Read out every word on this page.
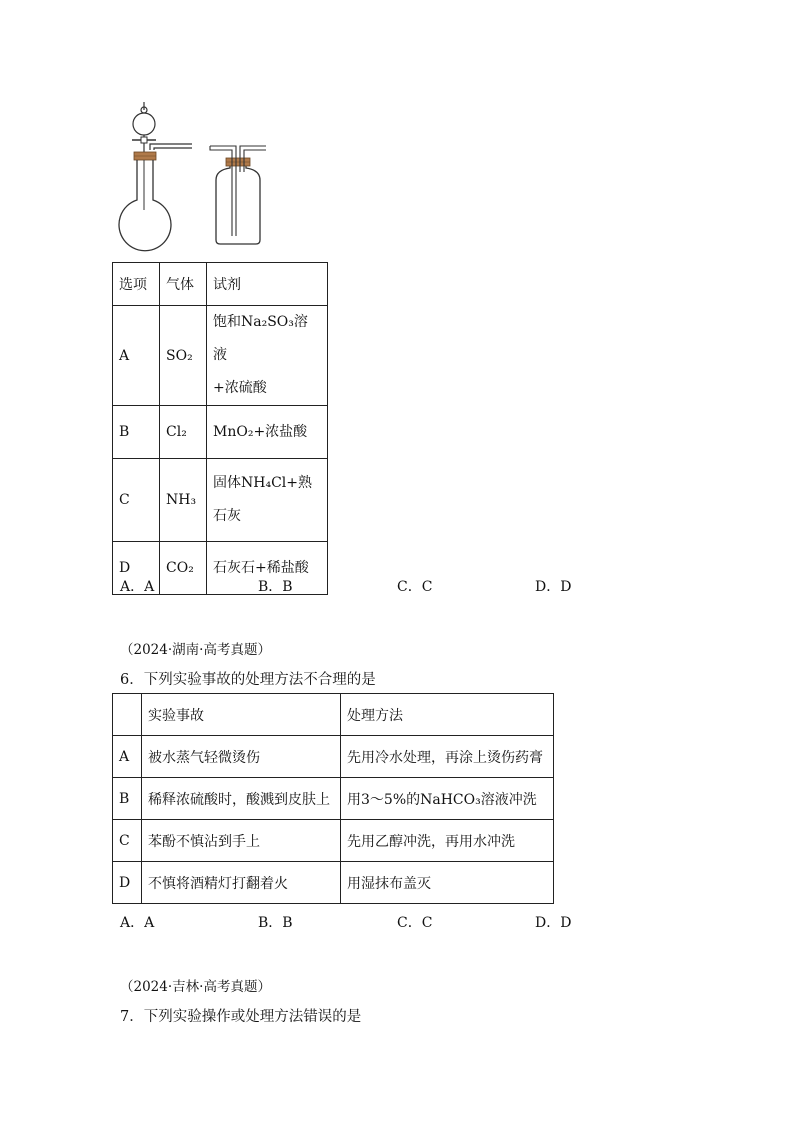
选项	气体	试剂
A	SO₂	饱和Na₂SO₃溶液
+浓硫酸

B	Cl₂	MnO₂+浓盐酸

C	NH₃	固体NH₄Cl+熟
石灰

D	CO₂	石灰石+稀盐酸
A．A	B．B	C．C	D．D
（2024·湖南·高考真题）
6．下列实验事故的处理方法不合理的是
	实验事故	处理方法
A	被水蒸气轻微烫伤	先用冷水处理，再涂上烫伤药膏
B	稀释浓硫酸时，酸溅到皮肤上	用3～5%的NaHCO₃溶液冲洗
C	苯酚不慎沾到手上	先用乙醇冲洗，再用水冲洗
D	不慎将酒精灯打翻着火	用湿抹布盖灭
A．A	B．B	C．C	D．D
（2024·吉林·高考真题）
7．下列实验操作或处理方法错误的是
